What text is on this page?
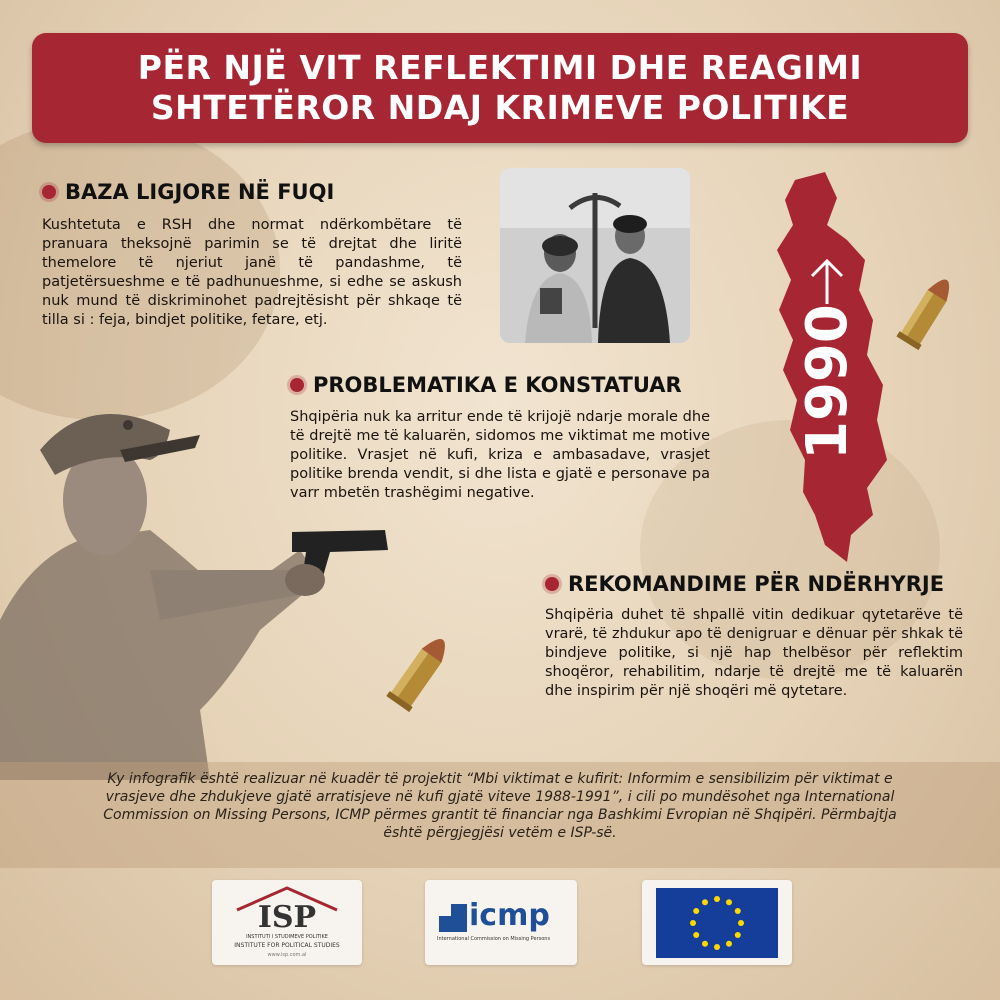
PËR NJË VIT REFLEKTIMI DHE REAGIMI
SHTETËROR NDAJ KRIMEVE POLITIKE
BAZA LIGJORE NË FUQI
Kushtetuta e RSH dhe normat ndërkombëtare të pranuara theksojnë parimin se të drejtat dhe liritë themelore të njeriut janë të pandashme, të patjetërsueshme e të padhunueshme, si edhe se askush nuk mund të diskriminohet padrejtësisht për shkaqe të tilla si : feja, bindjet politike, fetare, etj.	1990
PROBLEMATIKA E KONSTATUAR
Shqipëria nuk ka arritur ende të krijojë ndarje morale dhe të drejtë me të kaluarën, sidomos me viktimat me motive politike. Vrasjet në kufi, kriza e ambasadave, vrasjet politike brenda vendit, si dhe lista e gjatë e personave pa varr mbetën trashëgimi negative.
REKOMANDIME PËR NDËRHYRJE
Shqipëria duhet të shpallë vitin dedikuar qytetarëve të vrarë, të zhdukur apo të denigruar e dënuar për shkak të bindjeve politike, si një hap thelbësor për reflektim shoqëror, rehabilitim, ndarje të drejtë me të kaluarën dhe inspirim për një shoqëri më qytetare.
Ky infografik është realizuar në kuadër të projektit “Mbi viktimat e kufirit: Informim e sensibilizim për viktimat e vrasjeve dhe zhdukjeve gjatë arratisjeve në kufi gjatë viteve 1988-1991”, i cili po mundësohet nga International Commission on Missing Persons, ICMP përmes grantit të financiar nga Bashkimi Evropian në Shqipëri. Përmbajtja është përgjegjësi vetëm e ISP-së.
ISP
INSTITUTI I STUDIMEVE POLITIKE
INSTITUTE FOR POLITICAL STUDIES
www.isp.com.al
icmp
International Commission on Missing Persons
